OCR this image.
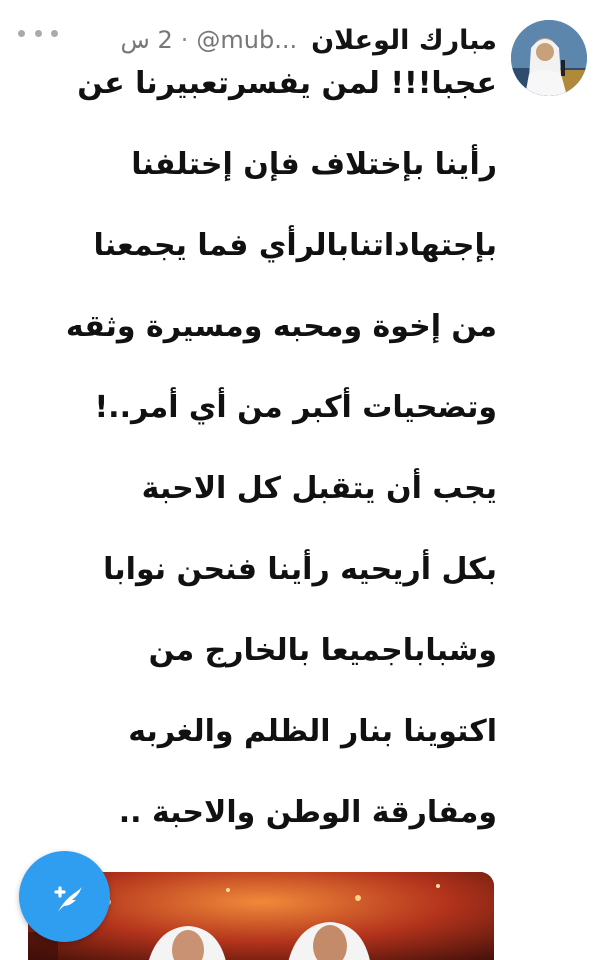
مبارك الوعلان
@mub...
·
2 س
عجبا!!! لمن يفسرتعبيرنا عن
رأينا بإختلاف فإن إختلفنا
بإجتهاداتنابالرأي فما يجمعنا
من إخوة ومحبه ومسيرة وثقه
وتضحيات أكبر من أي أمر..!
يجب أن يتقبل كل الاحبة
بكل أريحيه رأينا فنحن نوابا
وشباباجميعا بالخارج من
اكتوينا بنار الظلم والغربه
ومفارقة الوطن والاحبة ..
